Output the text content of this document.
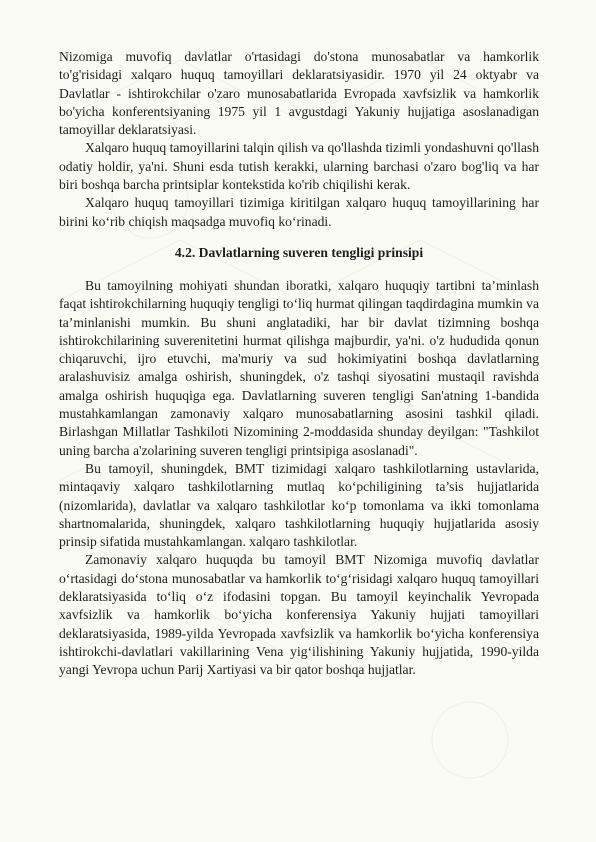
Nizomiga muvofiq davlatlar o'rtasidagi do'stona munosabatlar va hamkorlik to'g'risidagi xalqaro huquq tamoyillari deklaratsiyasidir. 1970 yil 24 oktyabr va Davlatlar - ishtirokchilar o'zaro munosabatlarida Evropada xavfsizlik va hamkorlik bo'yicha konferentsiyaning 1975 yil 1 avgustdagi Yakuniy hujjatiga asoslanadigan tamoyillar deklaratsiyasi.

Xalqaro huquq tamoyillarini talqin qilish va qo'llashda tizimli yondashuvni qo'llash odatiy holdir, ya'ni. Shuni esda tutish kerakki, ularning barchasi o'zaro bog'liq va har biri boshqa barcha printsiplar kontekstida ko'rib chiqilishi kerak.

Xalqaro huquq tamoyillari tizimiga kiritilgan xalqaro huquq tamoyillarining har birini ko‘rib chiqish maqsadga muvofiq ko‘rinadi.

4.2. Davlatlarning suveren tengligi prinsipi

Bu tamoyilning mohiyati shundan iboratki, xalqaro huquqiy tartibni ta’minlash faqat ishtirokchilarning huquqiy tengligi to‘liq hurmat qilingan taqdirdagina mumkin va ta’minlanishi mumkin. Bu shuni anglatadiki, har bir davlat tizimning boshqa ishtirokchilarining suverenitetini hurmat qilishga majburdir, ya'ni. o'z hududida qonun chiqaruvchi, ijro etuvchi, ma'muriy va sud hokimiyatini boshqa davlatlarning aralashuvisiz amalga oshirish, shuningdek, o'z tashqi siyosatini mustaqil ravishda amalga oshirish huquqiga ega. Davlatlarning suveren tengligi San'atning 1-bandida mustahkamlangan zamonaviy xalqaro munosabatlarning asosini tashkil qiladi. Birlashgan Millatlar Tashkiloti Nizomining 2-moddasida shunday deyilgan: "Tashkilot uning barcha a'zolarining suveren tengligi printsipiga asoslanadi".

Bu tamoyil, shuningdek, BMT tizimidagi xalqaro tashkilotlarning ustavlarida, mintaqaviy xalqaro tashkilotlarning mutlaq ko‘pchiligining ta’sis hujjatlarida (nizomlarida), davlatlar va xalqaro tashkilotlar ko‘p tomonlama va ikki tomonlama shartnomalarida, shuningdek, xalqaro tashkilotlarning huquqiy hujjatlarida asosiy prinsip sifatida mustahkamlangan. xalqaro tashkilotlar.

Zamonaviy xalqaro huquqda bu tamoyil BMT Nizomiga muvofiq davlatlar o‘rtasidagi do‘stona munosabatlar va hamkorlik to‘g‘risidagi xalqaro huquq tamoyillari deklaratsiyasida to‘liq o‘z ifodasini topgan. Bu tamoyil keyinchalik Yevropada xavfsizlik va hamkorlik bo‘yicha konferensiya Yakuniy hujjati tamoyillari deklaratsiyasida, 1989-yilda Yevropada xavfsizlik va hamkorlik bo‘yicha konferensiya ishtirokchi-davlatlari vakillarining Vena yig‘ilishining Yakuniy hujjatida, 1990-yilda yangi Yevropa uchun Parij Xartiyasi va bir qator boshqa hujjatlar.
